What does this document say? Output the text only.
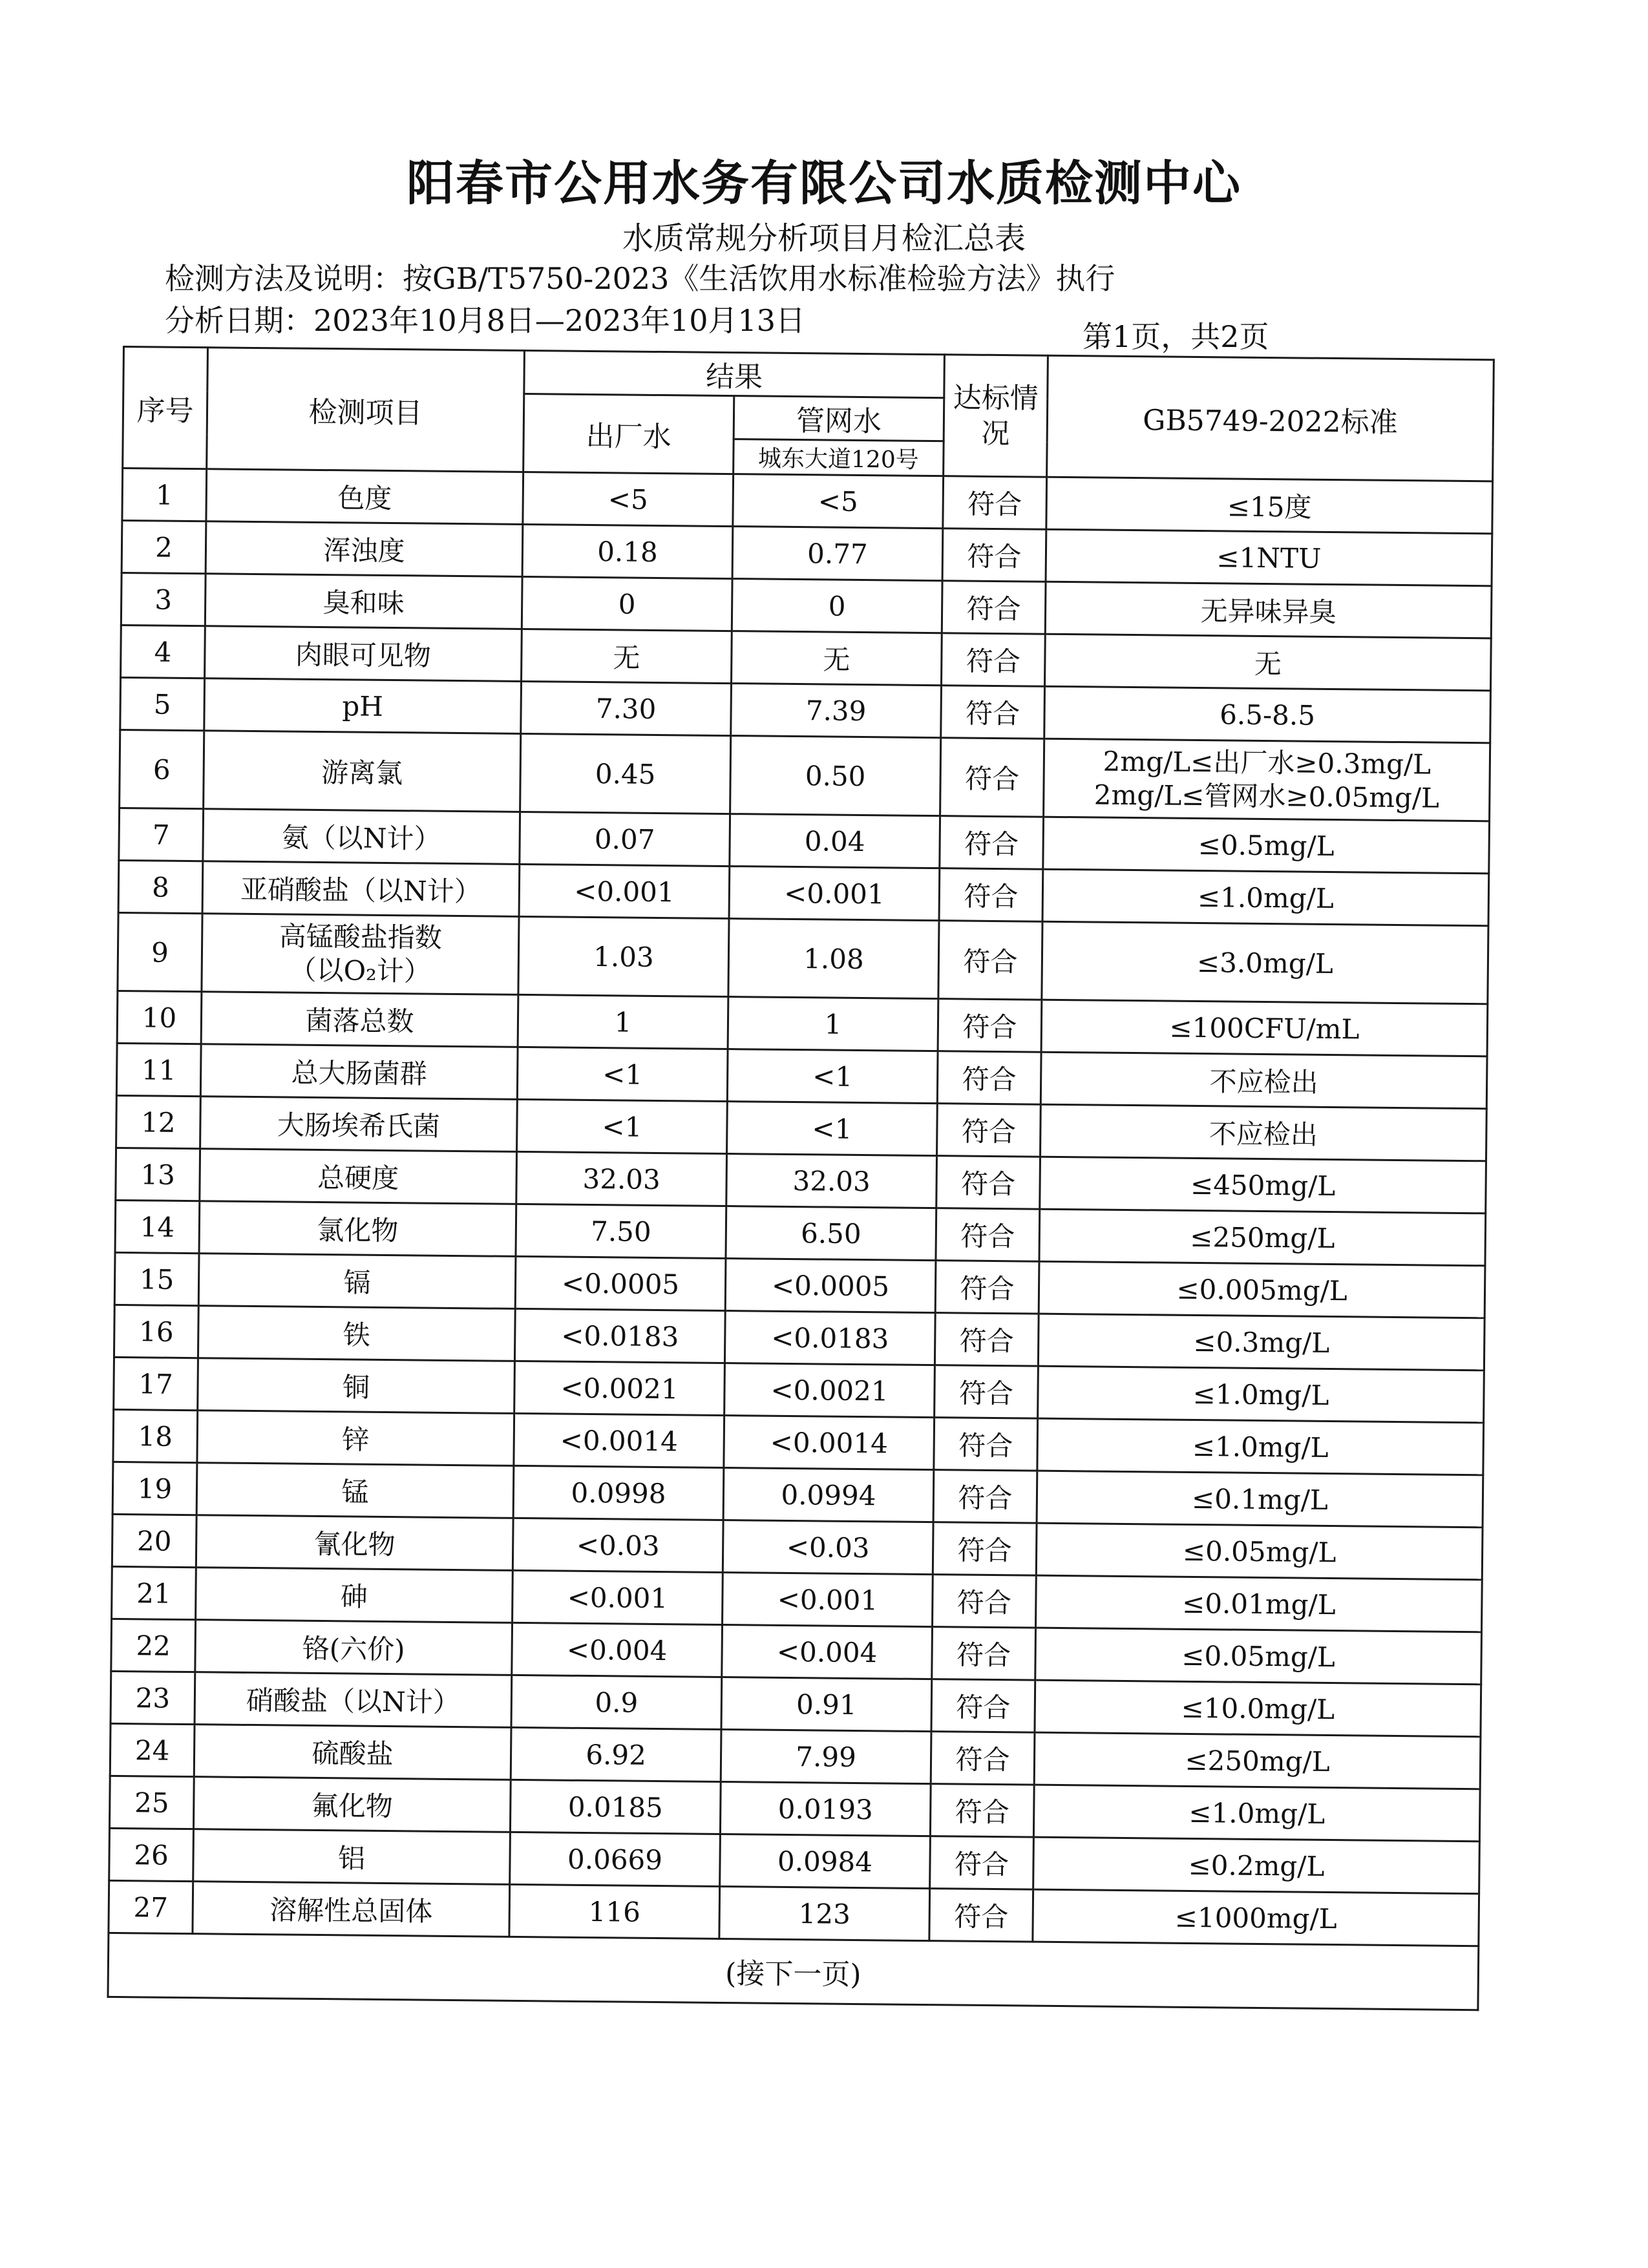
阳春市公用水务有限公司水质检测中心
水质常规分析项目月检汇总表
检测方法及说明：按GB/T5750-2023《生活饮用水标准检验方法》执行
分析日期：2023年10月8日—2023年10月13日	第1页，共2页
序号	检测项目	结果		达标情况	GB5749-2022标准
		出厂水	管网水		
			城东大道120号		
1	色度	<5	<5	符合	≤15度
2	浑浊度	0.18	0.77	符合	≤1NTU
3	臭和味	0	0	符合	无异味异臭
4	肉眼可见物	无	无	符合	无
5	pH	7.30	7.39	符合	6.5-8.5
6	游离氯	0.45	0.50	符合	2mg/L≤出厂水≥0.3mg/L
2mg/L≤管网水≥0.05mg/L

7	氨（以N计）	0.07	0.04	符合	≤0.5mg/L
8	亚硝酸盐（以N计）	<0.001	<0.001	符合	≤1.0mg/L
9	高锰酸盐指数
（以O₂计）	1.03	1.08	符合	≤3.0mg/L
10	菌落总数	1	1	符合	≤100CFU/mL
11	总大肠菌群	<1	<1	符合	不应检出
12	大肠埃希氏菌	<1	<1	符合	不应检出
13	总硬度	32.03	32.03	符合	≤450mg/L
14	氯化物	7.50	6.50	符合	≤250mg/L
15	镉	<0.0005	<0.0005	符合	≤0.005mg/L
16	铁	<0.0183	<0.0183	符合	≤0.3mg/L
17	铜	<0.0021	<0.0021	符合	≤1.0mg/L
18	锌	<0.0014	<0.0014	符合	≤1.0mg/L
19	锰	0.0998	0.0994	符合	≤0.1mg/L
20	氰化物	<0.03	<0.03	符合	≤0.05mg/L
21	砷	<0.001	<0.001	符合	≤0.01mg/L
22	铬(六价)	<0.004	<0.004	符合	≤0.05mg/L
23	硝酸盐（以N计）	0.9	0.91	符合	≤10.0mg/L
24	硫酸盐	6.92	7.99	符合	≤250mg/L
25	氟化物	0.0185	0.0193	符合	≤1.0mg/L
26	铝	0.0669	0.0984	符合	≤0.2mg/L
27	溶解性总固体	116	123	符合	≤1000mg/L
(接下一页)					
